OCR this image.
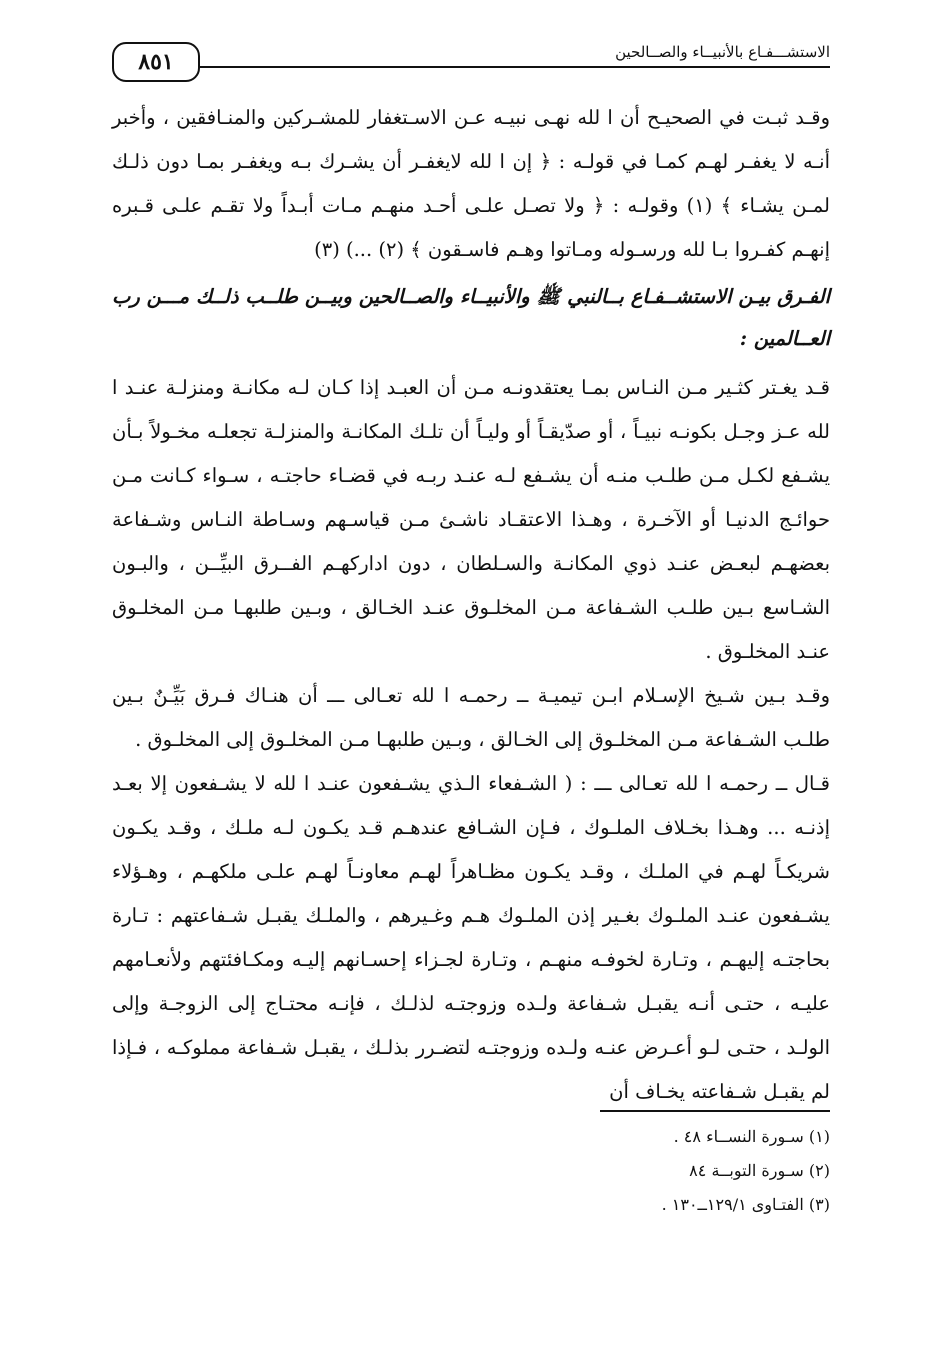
الاستشـــفـاع بالأنبيــاء والصــالحين
٨٥١

وقـد ثبـت في الصحيـح أن ا لله نهـى نبيـه عـن الاسـتغفار للمشـركين والمنـافقين ، وأخبر أنـه لا يغفـر لهـم كمـا في قولـه : ﴿ إن ا لله لايغفـر أن يشـرك بـه ويغفـر بمـا دون ذلـك لمـن يشـاء ﴾ (١) وقولـه : ﴿ ولا تصـل علـى أحـد منهـم مـات أبـداً ولا تقـم علـى قـبره إنهـم كفـروا بـا لله ورسـوله ومـاتوا وهـم فاسـقون ﴾ (٢) ...) (٣)

الفـرق بيـن الاستشــفـاع بــالنبي ﷺ والأنبيــاء والصــالحين وبيــن طلــب ذلــك مـــن رب العــالمين :

قـد يغـتر كثـير مـن النـاس بمـا يعتقدونـه مـن أن العبـد إذا كـان لـه مكانـة ومنزلـة عنـد ا لله عـز وجـل بكونـه نبيـاً ، أو صدّيقـاً أو وليـاً أن تلـك المكانـة والمنزلـة تجعلـه مخـولاً بـأن يشـفع لكـل مـن طلـب منـه أن يشـفع لـه عنـد ربـه في قضـاء حاجتـه ، سـواء كـانت مـن حوائـج الدنيـا أو الآخـرة ، وهـذا الاعتقـاد ناشـئ مـن قياسـهم وسـاطة النـاس وشـفاعة بعضهـم لبعـض عنـد ذوي المكانـة والسـلطان ، دون اداركهـم الفــرق البيِّــن ، والبـون الشـاسع بـين طلـب الشـفاعة مـن المخلـوق عنـد الخـالق ، وبـين طلبهـا مـن المخلـوق عنـد المخلـوق .

وقـد بـين شـيخ الإسـلام ابـن تيميـة ــ رحمـه ا لله تعـالى ـــ أن هنـاك فـرق بَيِّـنٌ بـين طلـب الشـفاعة مـن المخلـوق إلى الخـالق ، وبـين طلبهـا مـن المخلـوق إلى المخلـوق .

قـال ــ رحمـه ا لله تعـالى ـــ : ( الشـفعاء الـذي يشـفعون عنـد ا لله لا يشـفعون إلا بعـد إذنـه ... وهـذا بخـلاف الملـوك ، فـإن الشـافع عندهـم قـد يكـون لـه ملـك ، وقـد يكـون شريكـاً لهـم في الملـك ، وقـد يكـون مظـاهراً لهـم معاونـاً لهـم علـى ملكهـم ، وهـؤلاء يشـفعون عنـد الملـوك بغـير إذن الملـوك هـم وغـيرهم ، والملـك يقبـل شـفاعتهم : تـارة بحاجتـه إليهـم ، وتـارة لخوفـه منهـم ، وتـارة لجـزاء إحسـانهم إليـه ومكـافئتهم ولأنعـامهم عليـه ، حتـى أنـه يقبـل شـفاعة ولـده وزوجتـه لذلـك ، فإنـه محتـاج إلى الزوجـة وإلى الولـد ، حتـى لـو أعـرض عنـه ولـده وزوجتـه لتضـرر بذلـك ، يقبـل شـفاعة مملوكـه ، فـإذا لم يقبـل شـفاعته يخـاف أن

(١) سـورة النســاء ٤٨ .

(٢) سـورة التوبــة ٨٤

(٣) الفتـاوى ١٢٩/١ــ١٣٠ .
